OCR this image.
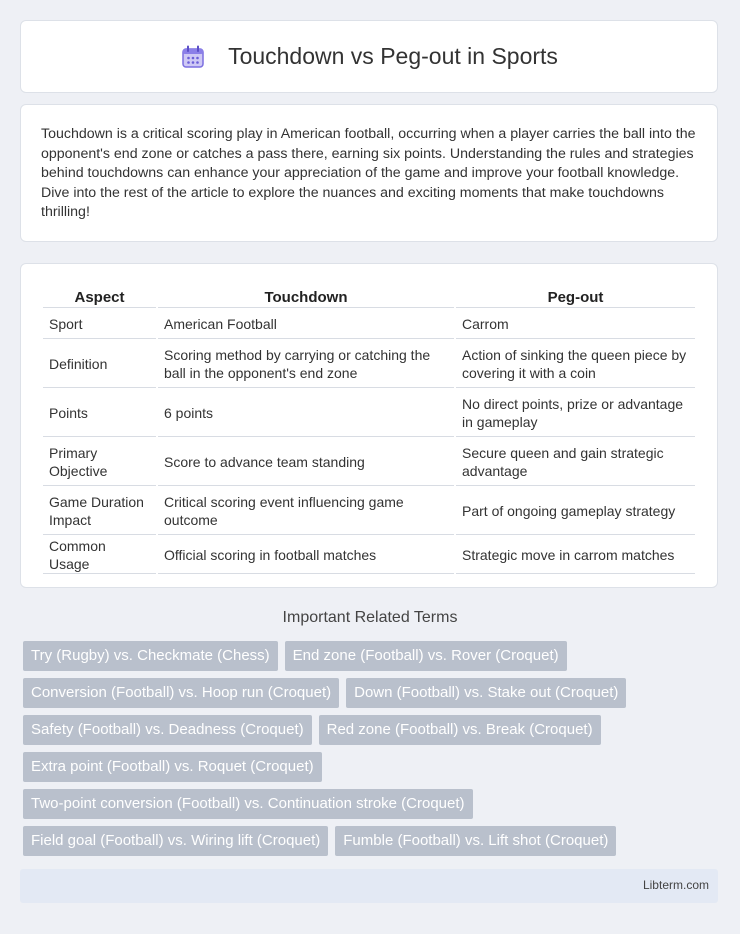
Touchdown vs Peg-out in Sports

Touchdown is a critical scoring play in American football, occurring when a player carries the ball into the opponent's end zone or catches a pass there, earning six points. Understanding the rules and strategies behind touchdowns can enhance your appreciation of the game and improve your football knowledge. Dive into the rest of the article to explore the nuances and exciting moments that make touchdowns thrilling!

Aspect	Touchdown	Peg-out
Sport	American Football	Carrom
Definition	Scoring method by carrying or catching the ball in the opponent's end zone	Action of sinking the queen piece by covering it with a coin
Points	6 points	No direct points, prize or advantage in gameplay
Primary Objective	Score to advance team standing	Secure queen and gain strategic advantage
Game Duration Impact	Critical scoring event influencing game outcome	Part of ongoing gameplay strategy
Common Usage	Official scoring in football matches	Strategic move in carrom matches
Important Related Terms
Try (Rugby) vs. Checkmate (Chess)	End zone (Football) vs. Rover (Croquet)
Conversion (Football) vs. Hoop run (Croquet)	Down (Football) vs. Stake out (Croquet)
Safety (Football) vs. Deadness (Croquet)	Red zone (Football) vs. Break (Croquet)
Extra point (Football) vs. Roquet (Croquet)
Two-point conversion (Football) vs. Continuation stroke (Croquet)
Field goal (Football) vs. Wiring lift (Croquet)	Fumble (Football) vs. Lift shot (Croquet)
Libterm.com
